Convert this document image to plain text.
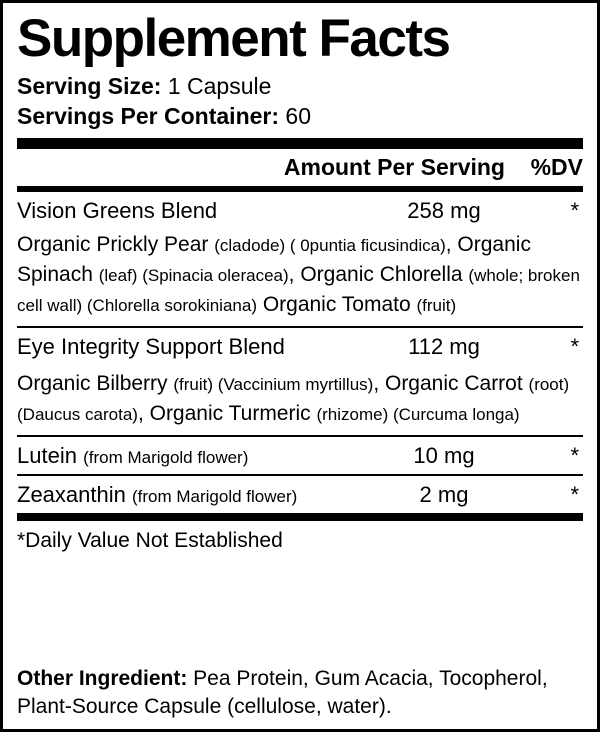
Supplement Facts
Serving Size: 1 Capsule
Servings Per Container: 60
Amount Per Serving	%DV
Vision Greens Blend	258 mg	*
Organic Prickly Pear (cladode) ( 0puntia ficusindica), Organic Spinach (leaf) (Spinacia oleracea), Organic Chlorella (whole; broken cell wall) (Chlorella sorokiniana) Organic Tomato (fruit)
Eye Integrity Support Blend	112 mg	*
Organic Bilberry (fruit) (Vaccinium myrtillus), Organic Carrot (root) (Daucus carota), Organic Turmeric (rhizome) (Curcuma longa)
Lutein (from Marigold flower)	10 mg	*
Zeaxanthin (from Marigold flower)	2 mg	*
*Daily Value Not Established
Other Ingredient: Pea Protein, Gum Acacia, Tocopherol, Plant-Source Capsule (cellulose, water).
